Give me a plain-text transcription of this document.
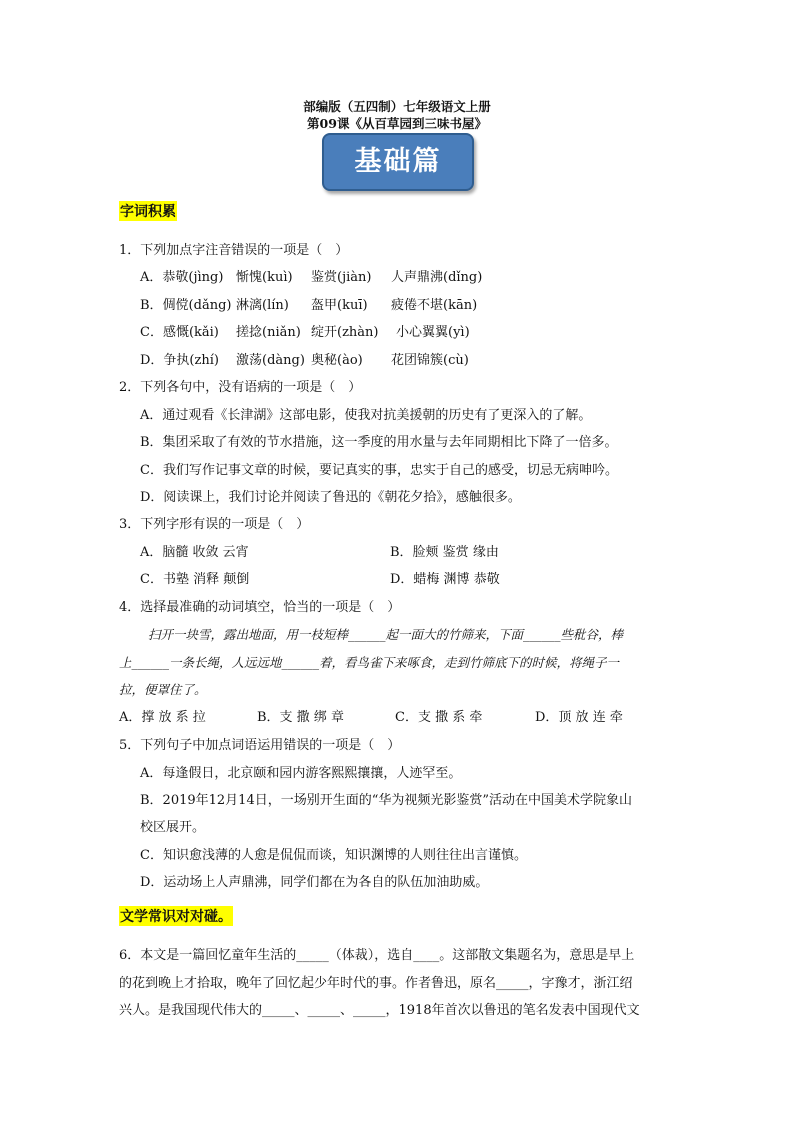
部编版（五四制）七年级语文上册
第09课《从百草园到三味书屋》
基础篇
字词积累
1．下列加点字注音错误的一项是（　）
A．恭敬(jìng) 惭愧(kuì) 鉴赏(jiàn) 人声鼎沸(dǐng)
B．倜傥(dǎng) 淋漓(lín) 盔甲(kuī) 疲倦不堪(kān)
C．感慨(kǎi) 搓捻(niǎn) 绽开(zhàn) 小心翼翼(yì)
D．争执(zhí) 激荡(dàng) 奥秘(ào) 花团锦簇(cù)
2．下列各句中，没有语病的一项是（　）
A．通过观看《长津湖》这部电影，使我对抗美援朝的历史有了更深入的了解。
B．集团采取了有效的节水措施，这一季度的用水量与去年同期相比下降了一倍多。
C．我们写作记事文章的时候，要记真实的事，忠实于自己的感受，切忌无病呻吟。
D．阅读课上，我们讨论并阅读了鲁迅的《朝花夕拾》，感触很多。
3．下列字形有误的一项是（　）
A．脑髓 收敛 云宵	B．脸颊 鉴赏 缘由
C．书塾 消释 颠倒	D．蜡梅 渊博 恭敬
4．选择最准确的动词填空，恰当的一项是（　）
扫开一块雪，露出地面，用一枝短棒______起一面大的竹筛来，下面______些秕谷，棒
上______一条长绳，人远远地______着，看鸟雀下来啄食，走到竹筛底下的时候，将绳子一
拉，便罩住了。
A．撑 放 系 拉	B．支 撒 绑 章	C．支 撒 系 牵	D．顶 放 连 牵
5．下列句子中加点词语运用错误的一项是（　）
A．每逢假日，北京颐和园内游客熙熙攘攘，人迹罕至。
B．2019年12月14日，一场别开生面的“华为视频光影鉴赏”活动在中国美术学院象山
校区展开。
C．知识愈浅薄的人愈是侃侃而谈，知识渊博的人则往往出言谨慎。
D．运动场上人声鼎沸，同学们都在为各自的队伍加油助威。
文学常识对对碰。
6．本文是一篇回忆童年生活的_____（体裁），选自____。这部散文集题名为，意思是早上
的花到晚上才拾取，晚年了回忆起少年时代的事。作者鲁迅，原名_____，字豫才，浙江绍
兴人。是我国现代伟大的_____、_____、_____，1918年首次以鲁迅的笔名发表中国现代文
